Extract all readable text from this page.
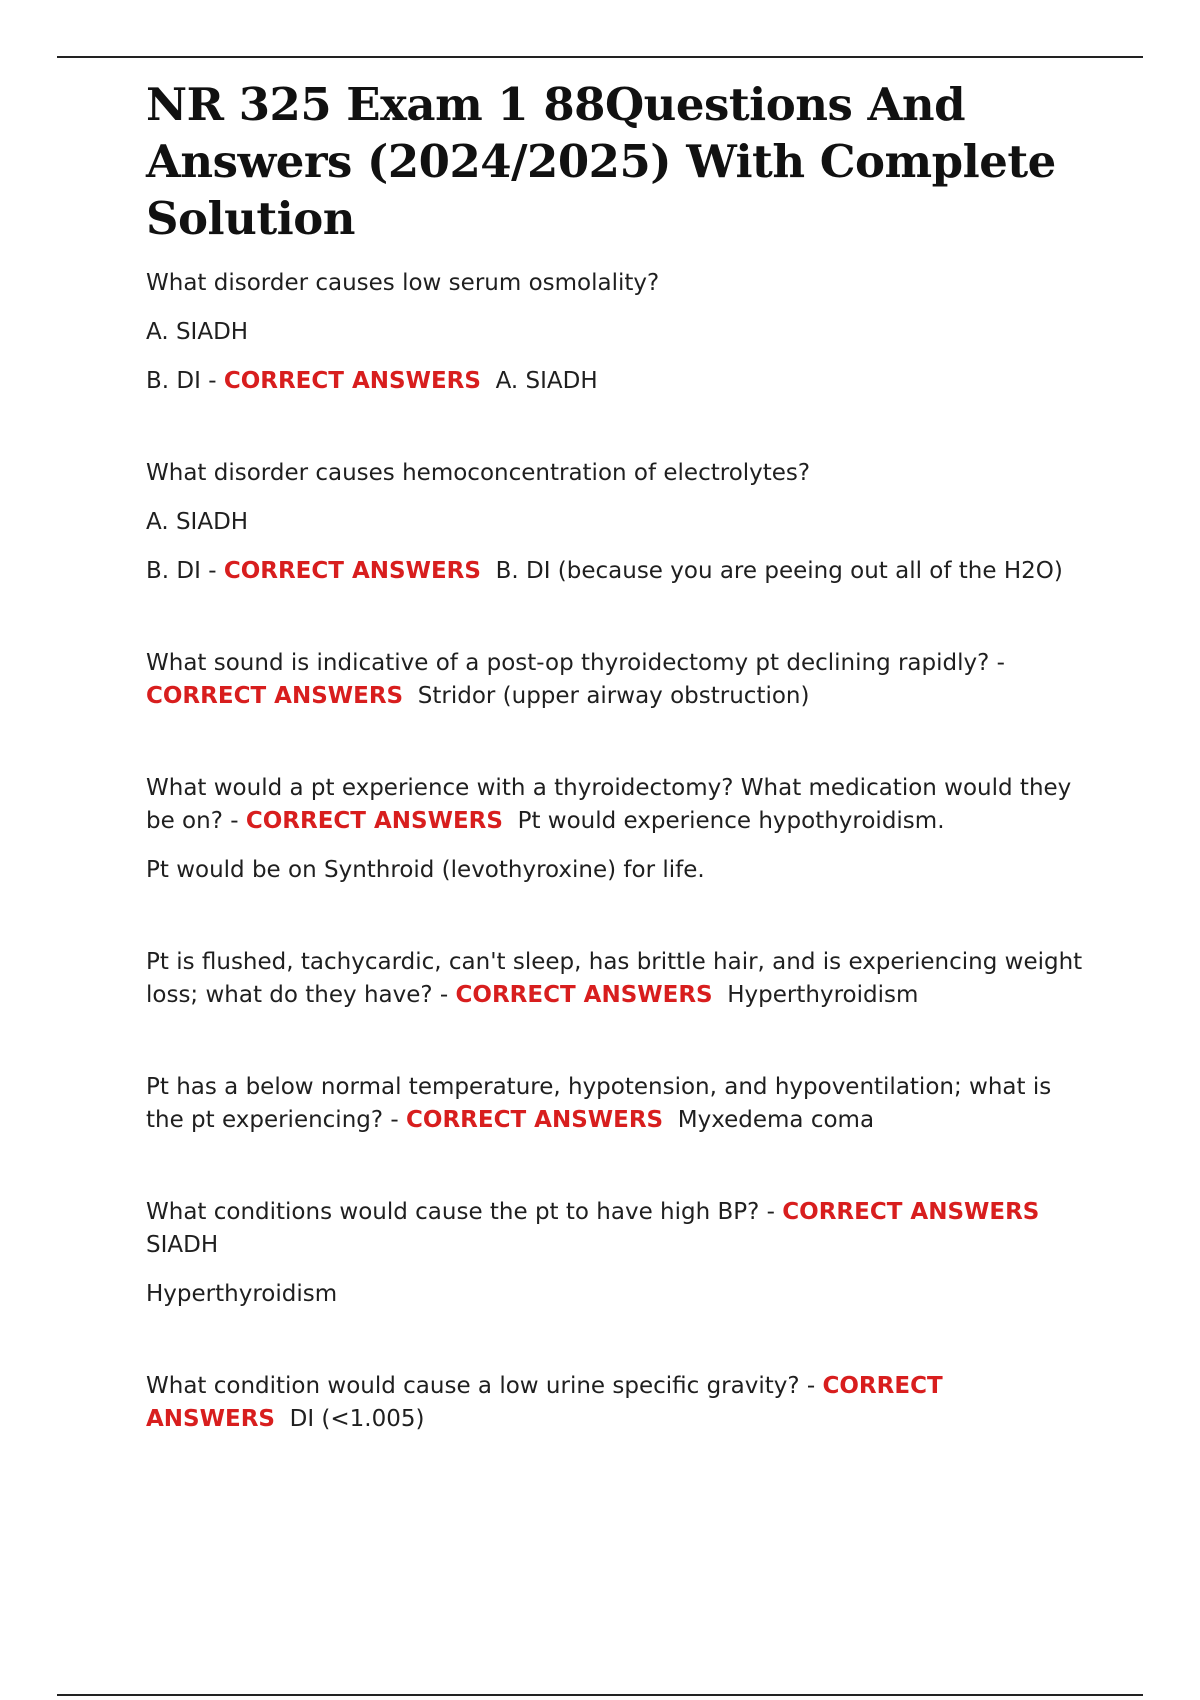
NR 325 Exam 1 88Questions And Answers (2024/2025) With Complete Solution

What disorder causes low serum osmolality?

A. SIADH

B. DI - CORRECT ANSWERS A. SIADH

What disorder causes hemoconcentration of electrolytes?

A. SIADH

B. DI - CORRECT ANSWERS B. DI (because you are peeing out all of the H2O)

What sound is indicative of a post-op thyroidectomy pt declining rapidly? - CORRECT ANSWERS Stridor (upper airway obstruction)

What would a pt experience with a thyroidectomy? What medication would they be on? - CORRECT ANSWERS Pt would experience hypothyroidism.

Pt would be on Synthroid (levothyroxine) for life.

Pt is flushed, tachycardic, can't sleep, has brittle hair, and is experiencing weight loss; what do they have? - CORRECT ANSWERS Hyperthyroidism

Pt has a below normal temperature, hypotension, and hypoventilation; what is the pt experiencing? - CORRECT ANSWERS Myxedema coma

What conditions would cause the pt to have high BP? - CORRECT ANSWERS SIADH

Hyperthyroidism

What condition would cause a low urine specific gravity? - CORRECT ANSWERS DI (<1.005)
